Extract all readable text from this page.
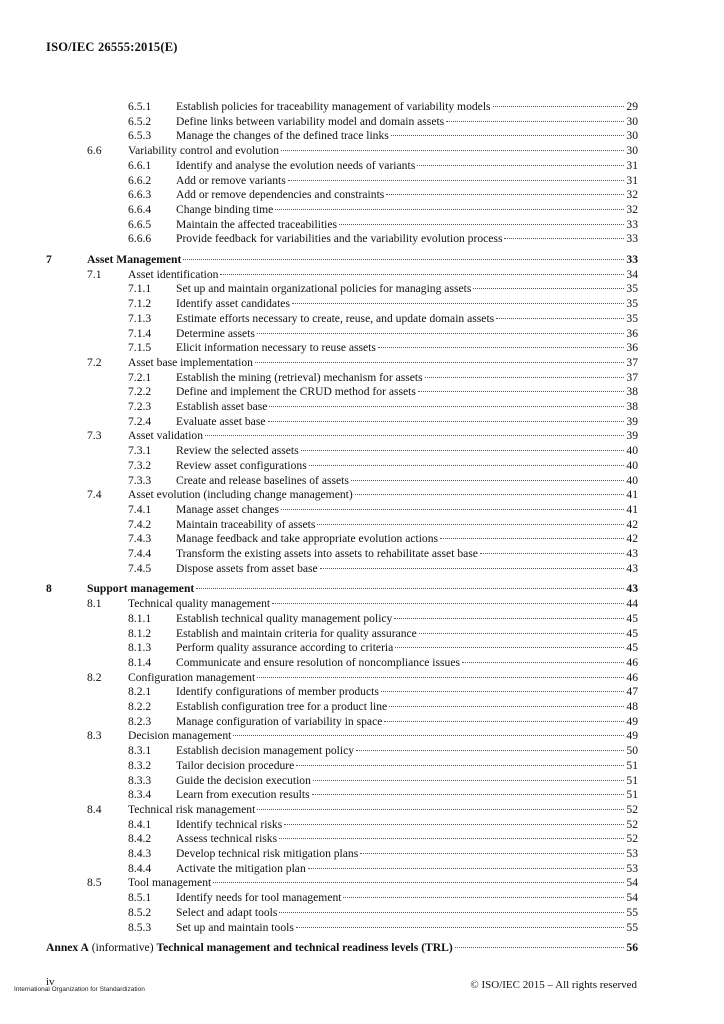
ISO/IEC 26555:2015(E)
6.5.1 Establish policies for traceability management of variability models	29
6.5.2 Define links between variability model and domain assets	30
6.5.3 Manage the changes of the defined trace links	30
6.6 Variability control and evolution	30
6.6.1 Identify and analyse the evolution needs of variants	31
6.6.2 Add or remove variants	31
6.6.3 Add or remove dependencies and constraints	32
6.6.4 Change binding time	32
6.6.5 Maintain the affected traceabilities	33
6.6.6 Provide feedback for variabilities and the variability evolution process	33
7	Asset Management	33
7.1 Asset identification	34
7.1.1 Set up and maintain organizational policies for managing assets	35
7.1.2 Identify asset candidates	35
7.1.3 Estimate efforts necessary to create, reuse, and update domain assets	35
7.1.4 Determine assets	36
7.1.5 Elicit information necessary to reuse assets	36
7.2 Asset base implementation	37
7.2.1 Establish the mining (retrieval) mechanism for assets	37
7.2.2 Define and implement the CRUD method for assets	38
7.2.3 Establish asset base	38
7.2.4 Evaluate asset base	39
7.3 Asset validation	39
7.3.1 Review the selected assets	40
7.3.2 Review asset configurations	40
7.3.3 Create and release baselines of assets	40
7.4 Asset evolution (including change management)	41
7.4.1 Manage asset changes	41
7.4.2 Maintain traceability of assets	42
7.4.3 Manage feedback and take appropriate evolution actions	42
7.4.4 Transform the existing assets into assets to rehabilitate asset base	43
7.4.5 Dispose assets from asset base	43
8	Support management	43
8.1 Technical quality management	44
8.1.1 Establish technical quality management policy	45
8.1.2 Establish and maintain criteria for quality assurance	45
8.1.3 Perform quality assurance according to criteria	45
8.1.4 Communicate and ensure resolution of noncompliance issues	46
8.2 Configuration management	46
8.2.1 Identify configurations of member products	47
8.2.2 Establish configuration tree for a product line	48
8.2.3 Manage configuration of variability in space	49
8.3 Decision management	49
8.3.1 Establish decision management policy	50
8.3.2 Tailor decision procedure	51
8.3.3 Guide the decision execution	51
8.3.4 Learn from execution results	51
8.4 Technical risk management	52
8.4.1 Identify technical risks	52
8.4.2 Assess technical risks	52
8.4.3 Develop technical risk mitigation plans	53
8.4.4 Activate the mitigation plan	53
8.5 Tool management	54
8.5.1 Identify needs for tool management	54
8.5.2 Select and adapt tools	55
8.5.3 Set up and maintain tools	55
Annex A (informative) Technical management and technical readiness levels (TRL)	56
iv
International Organization for Standardization	© ISO/IEC 2015 – All rights reserved
